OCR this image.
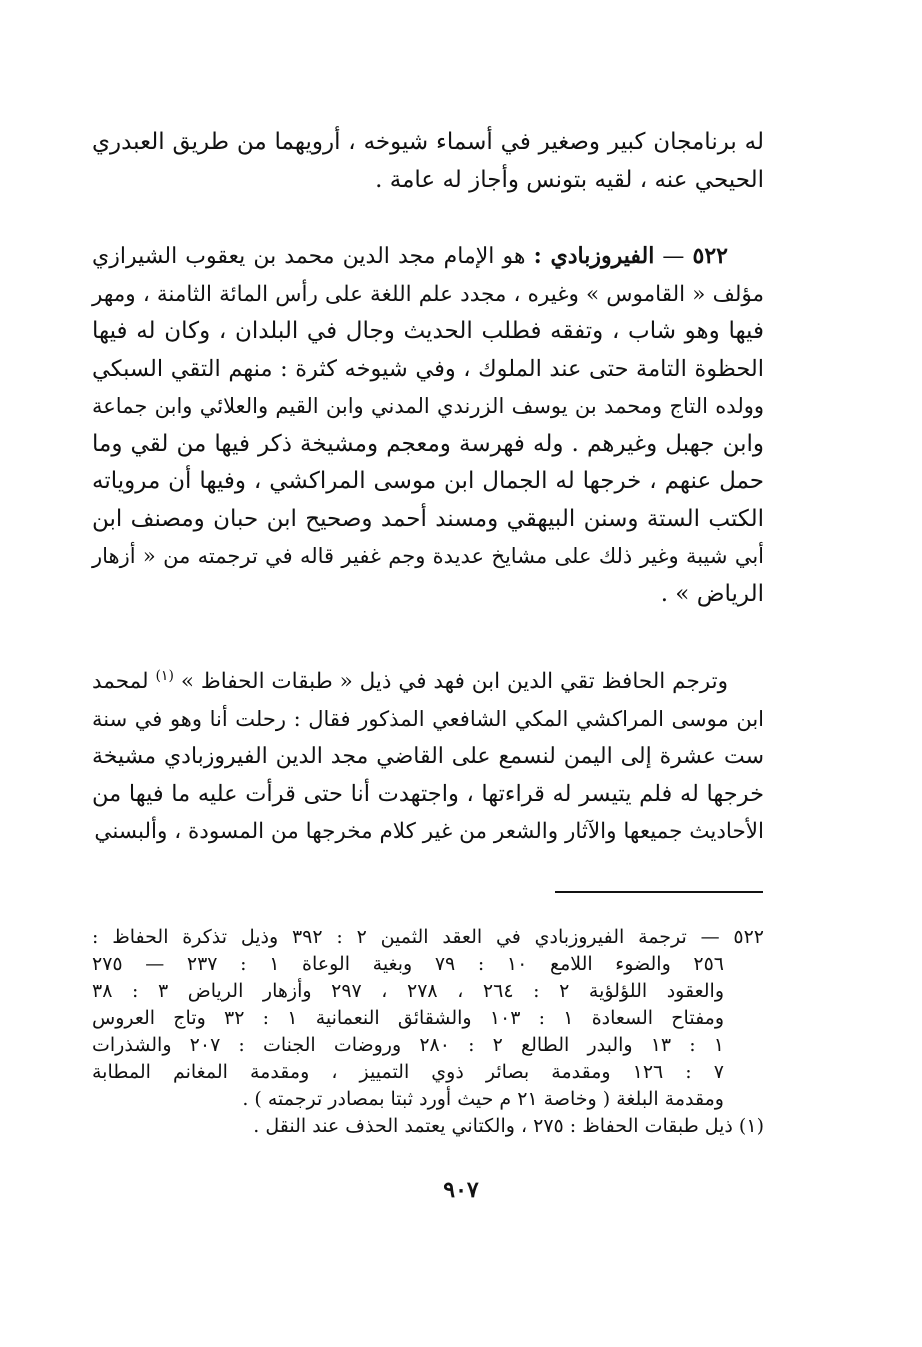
له برنامجان كبير وصغير في أسماء شيوخه ، أرويهما من طريق العبدري
الحيحي عنه ، لقيه بتونس وأجاز له عامة .
٥٢٢ — الفيروزبادي : هو الإمام مجد الدين محمد بن يعقوب الشيرازي
مؤلف « القاموس » وغيره ، مجدد علم اللغة على رأس المائة الثامنة ، ومهر
فيها وهو شاب ، وتفقه فطلب الحديث وجال في البلدان ، وكان له فيها
الحظوة التامة حتى عند الملوك ، وفي شيوخه كثرة : منهم التقي السبكي
وولده التاج ومحمد بن يوسف الزرندي المدني وابن القيم والعلائي وابن جماعة
وابن جهبل وغيرهم . وله فهرسة ومعجم ومشيخة ذكر فيها من لقي وما
حمل عنهم ، خرجها له الجمال ابن موسى المراكشي ، وفيها أن مروياته
الكتب الستة وسنن البيهقي ومسند أحمد وصحيح ابن حبان ومصنف ابن
أبي شيبة وغير ذلك على مشايخ عديدة وجم غفير قاله في ترجمته من « أزهار
الرياض » .
وترجم الحافظ تقي الدين ابن فهد في ذيل « طبقات الحفاظ » $^{(١)}$ لمحمد
ابن موسى المراكشي المكي الشافعي المذكور فقال : رحلت أنا وهو في سنة
ست عشرة إلى اليمن لنسمع على القاضي مجد الدين الفيروزبادي مشيخة
خرجها له فلم يتيسر له قراءتها ، واجتهدت أنا حتى قرأت عليه ما فيها من
الأحاديث جميعها والآثار والشعر من غير كلام مخرجها من المسودة ، وألبسني
٥٢٢ — ترجمة الفيروزبادي في العقد الثمين ٢ : ٣٩٢ وذيل تذكرة الحفاظ :
٢٥٦ والضوء اللامع ١٠ : ٧٩ وبغية الوعاة ١ : ٢٣٧ — ٢٧٥
والعقود اللؤلؤية ٢ : ٢٦٤ ، ٢٧٨ ، ٢٩٧ وأزهار الرياض ٣ : ٣٨
ومفتاح السعادة ١ : ١٠٣ والشقائق النعمانية ١ : ٣٢ وتاج العروس
١ : ١٣ والبدر الطالع ٢ : ٢٨٠ وروضات الجنات : ٢٠٧ والشذرات
٧ : ١٢٦ ومقدمة بصائر ذوي التمييز ، ومقدمة المغانم المطابة
ومقدمة البلغة ( وخاصة ٢١ م حيث أورد ثبتا بمصادر ترجمته ) .
(١) ذيل طبقات الحفاظ : ٢٧٥ ، والكتاني يعتمد الحذف عند النقل .
٩٠٧
